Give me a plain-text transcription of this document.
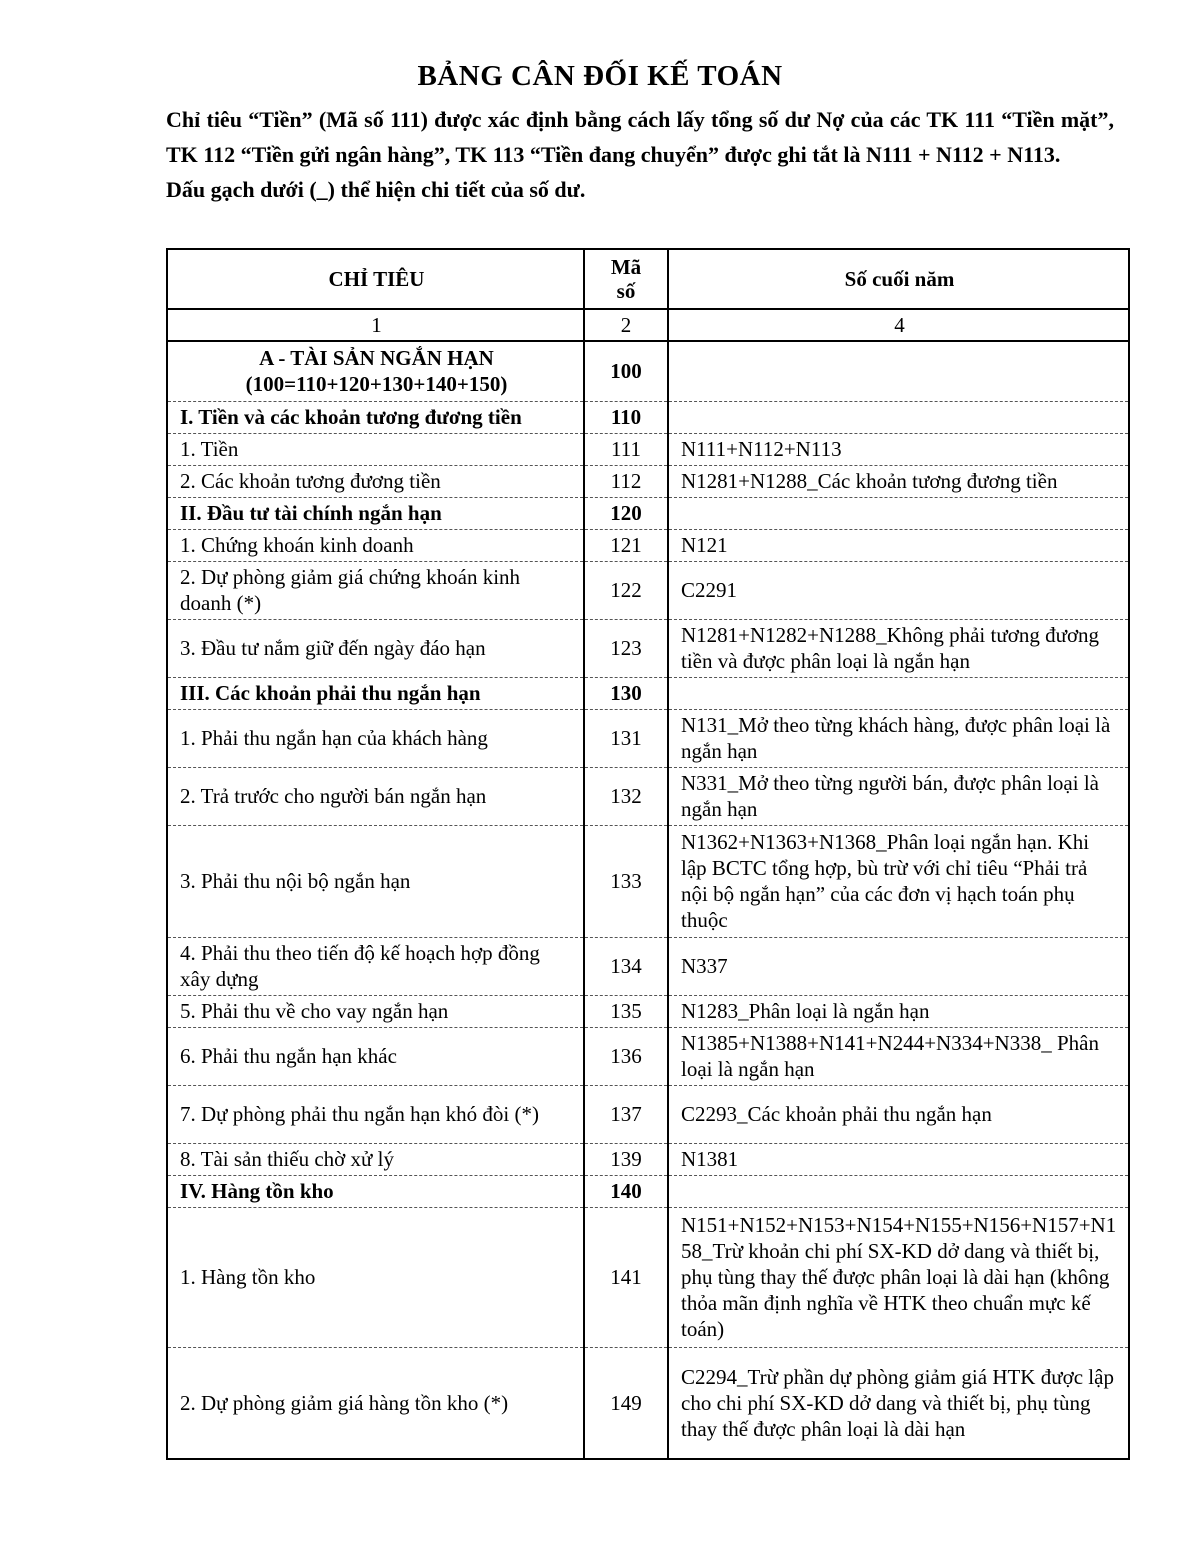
BẢNG CÂN ĐỐI KẾ TOÁN

Chỉ tiêu “Tiền” (Mã số 111) được xác định bằng cách lấy tổng số dư Nợ của các TK 111 “Tiền mặt”, TK 112 “Tiền gửi ngân hàng”, TK 113 “Tiền đang chuyển” được ghi tắt là N111 + N112 + N113.

Dấu gạch dưới (_) thể hiện chi tiết của số dư.

CHỈ TIÊU	Mã số	Số cuối năm
1	2	4
A - TÀI SẢN NGẮN HẠN (100=110+120+130+140+150)	100	
I. Tiền và các khoản tương đương tiền	110	
1. Tiền	111	N111+N112+N113
2. Các khoản tương đương tiền	112	N1281+N1288_Các khoản tương đương tiền
II. Đầu tư tài chính ngắn hạn	120	
1. Chứng khoán kinh doanh	121	N121
2. Dự phòng giảm giá chứng khoán kinh doanh (*)	122	C2291
3. Đầu tư nắm giữ đến ngày đáo hạn	123	N1281+N1282+N1288_Không phải tương đương tiền và được phân loại là ngắn hạn
III. Các khoản phải thu ngắn hạn	130	
1. Phải thu ngắn hạn của khách hàng	131	N131_Mở theo từng khách hàng, được phân loại là ngắn hạn
2. Trả trước cho người bán ngắn hạn	132	N331_Mở theo từng người bán, được phân loại là ngắn hạn
3. Phải thu nội bộ ngắn hạn	133	N1362+N1363+N1368_Phân loại ngắn hạn. Khi lập BCTC tổng hợp, bù trừ với chỉ tiêu “Phải trả nội bộ ngắn hạn” của các đơn vị hạch toán phụ thuộc
4. Phải thu theo tiến độ kế hoạch hợp đồng xây dựng	134	N337
5. Phải thu về cho vay ngắn hạn	135	N1283_Phân loại là ngắn hạn
6. Phải thu ngắn hạn khác	136	N1385+N1388+N141+N244+N334+N338_ Phân loại là ngắn hạn
7. Dự phòng phải thu ngắn hạn khó đòi (*)	137	C2293_Các khoản phải thu ngắn hạn
8. Tài sản thiếu chờ xử lý	139	N1381
IV. Hàng tồn kho	140	
1. Hàng tồn kho	141	N151+N152+N153+N154+N155+N156+N157+N158_Trừ khoản chi phí SX-KD dở dang và thiết bị, phụ tùng thay thế được phân loại là dài hạn (không thỏa mãn định nghĩa về HTK theo chuẩn mực kế toán)
2. Dự phòng giảm giá hàng tồn kho (*)	149	C2294_Trừ phần dự phòng giảm giá HTK được lập cho chi phí SX-KD dở dang và thiết bị, phụ tùng thay thế được phân loại là dài hạn
